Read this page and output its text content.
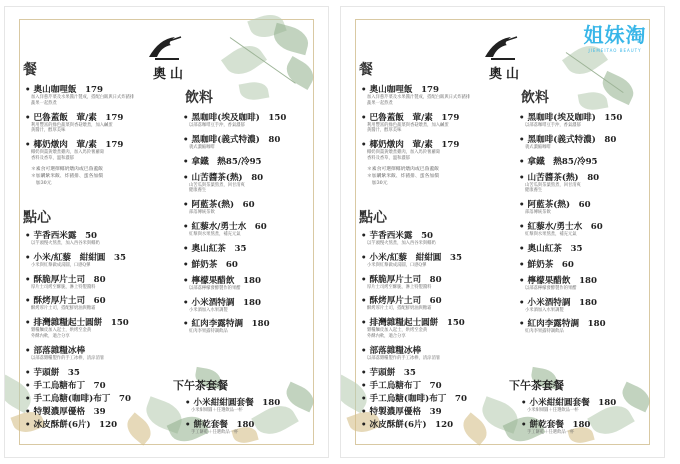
奧山
餐
• 奧山咖哩飯　179
加入洋蔥芹菜及水果醬汁製成，搭配白飯與日式炸豬排
蔬果一起熬煮
• 巴魯蓋飯　葷/素　179
利用豐富的綠色蔬菜與香菇燉煮，加入鹹蛋
黃醬汁，醇厚美味
• 椰奶燉肉　葷/素　179
椰奶與薑黃燉煮雞肉，加入馬鈴薯蘿蔔
香料及香草，溫和濃郁
＊素食可選擇椰奶燉肉或巴魯蓋飯
＊加購紫米飯、炸豬排、蛋各加價
　加30元
點心
• 芋香西米露　50
以芋頭慢火熬煮，加入西谷米與椰奶
• 小米/紅藜　紺紺圓　35
小米與紅藜做成湯圓，口感Q彈
• 酥脆厚片土司　80
厚片土司烤至酥脆，淋上特製醬料
• 酥烤厚片土司　60
酥烤厚片土司，搭配鮮奶油與糖霜
• 排灣雜糧起士圓餅　150
雜糧麵皮加入起士，烘烤至金黃
外酥內軟，適合分享
• 部落雜糧冰棒
以部落雜糧製作的手工冰棒，清涼消暑
• 芋頭餅　35
• 手工烏糖布丁　70
• 手工烏糖(咖啡)布丁　70
• 特製濃厚優格　39
• 冰皮酥餅(6片)　120
飲料
• 黑咖啡(埃及咖啡)　150
以部落咖啡豆手沖，香氣濃郁
• 黑咖啡(義式特濃)　80
義式濃縮咖啡
• 拿鐵　熱85/冷95
• 山苦醬茶(熱)　80
山苦瓜與茶葉熬煮，回甘清爽
健康養生
• 阿藍茶(熱)　60
部落傳統茶飲
• 紅藜水/勇士水　60
紅藜與水果熬煮，補充元氣
• 奧山紅茶　35
• 鮮奶茶　60
• 檸檬果醋飲　180
以部落檸檬發酵製作的果醋
• 小米酒特調　180
小米酒加入水果調製
• 紅肉李露特調　180
紅肉李果露特調飲品
下午茶套餐
• 小米紺紺圓套餐　180
小米紺紺圓＋任選飲品一杯
• 餅乾套餐　180
手工餅乾＋任選飲品一杯
奧山
姐妹淘
JIEMEITAO BEAUTY
餐
• 奧山咖哩飯　179
加入洋蔥芹菜及水果醬汁製成，搭配白飯與日式炸豬排
蔬果一起熬煮
• 巴魯蓋飯　葷/素　179
利用豐富的綠色蔬菜與香菇燉煮，加入鹹蛋
黃醬汁，醇厚美味
• 椰奶燉肉　葷/素　179
椰奶與薑黃燉煮雞肉，加入馬鈴薯蘿蔔
香料及香草，溫和濃郁
＊素食可選擇椰奶燉肉或巴魯蓋飯
＊加購紫米飯、炸豬排、蛋各加價
　加30元
點心
• 芋香西米露　50
以芋頭慢火熬煮，加入西谷米與椰奶
• 小米/紅藜　紺紺圓　35
小米與紅藜做成湯圓，口感Q彈
• 酥脆厚片土司　80
厚片土司烤至酥脆，淋上特製醬料
• 酥烤厚片土司　60
酥烤厚片土司，搭配鮮奶油與糖霜
• 排灣雜糧起士圓餅　150
雜糧麵皮加入起士，烘烤至金黃
外酥內軟，適合分享
• 部落雜糧冰棒
以部落雜糧製作的手工冰棒，清涼消暑
• 芋頭餅　35
• 手工烏糖布丁　70
• 手工烏糖(咖啡)布丁　70
• 特製濃厚優格　39
• 冰皮酥餅(6片)　120
飲料
• 黑咖啡(埃及咖啡)　150
以部落咖啡豆手沖，香氣濃郁
• 黑咖啡(義式特濃)　80
義式濃縮咖啡
• 拿鐵　熱85/冷95
• 山苦醬茶(熱)　80
山苦瓜與茶葉熬煮，回甘清爽
健康養生
• 阿藍茶(熱)　60
部落傳統茶飲
• 紅藜水/勇士水　60
紅藜與水果熬煮，補充元氣
• 奧山紅茶　35
• 鮮奶茶　60
• 檸檬果醋飲　180
以部落檸檬發酵製作的果醋
• 小米酒特調　180
小米酒加入水果調製
• 紅肉李露特調　180
紅肉李果露特調飲品
下午茶套餐
• 小米紺紺圓套餐　180
小米紺紺圓＋任選飲品一杯
• 餅乾套餐　180
手工餅乾＋任選飲品一杯
